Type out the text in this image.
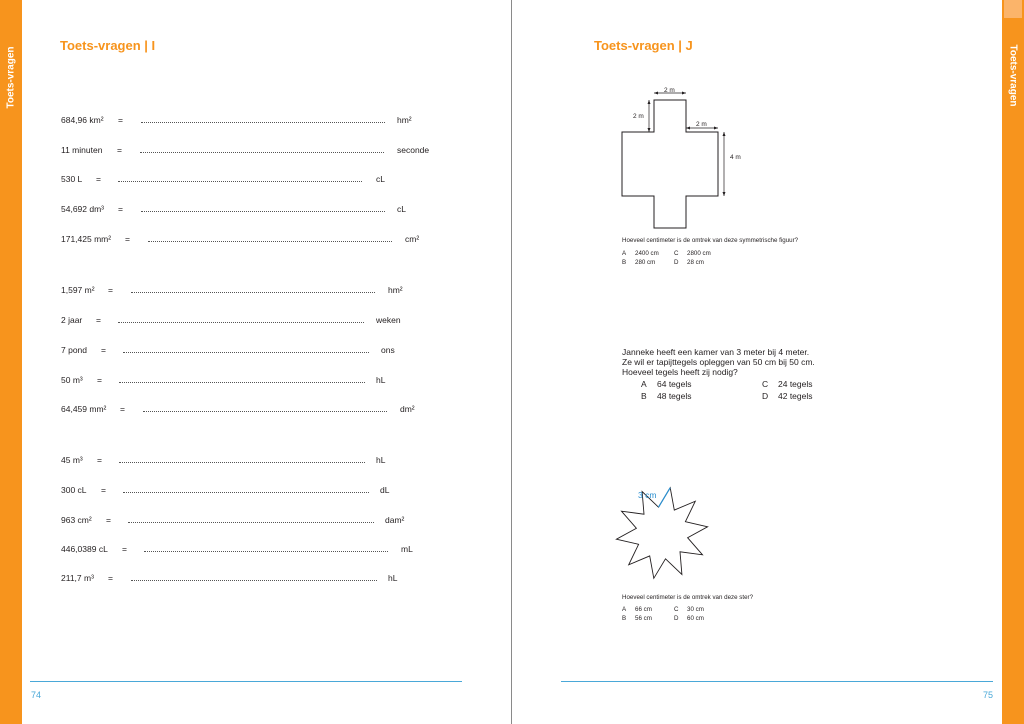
Toets-vragen	Toets-vragen
Toets-vragen | I
684,96 km² =	hm²
11 minuten =	seconde
530 L =	cL
54,692 dm³ =	cL
171,425 mm² =	cm²
1,597 m² =	hm²
2 jaar =	weken
7 pond =	ons
50 m³ =	hL
64,459 mm² =	dm²
45 m³ =	hL
300 cL =	dL
963 cm² =	dam²
446,0389 cL =	mL
211,7 m³ =	hL
74
Toets-vragen | J
2 m
2 m
2 m
4 m
Hoeveel centimeter is de omtrek van deze symmetrische figuur?
A 2400 cm C 2800 cm
B 280 cm	D 28 cm
Janneke heeft een kamer van 3 meter bij 4 meter.
Ze wil er tapijttegels opleggen van 50 cm bij 50 cm.
Hoeveel tegels heeft zij nodig?
A 64 tegels	C 24 tegels
B 48 tegels	D 42 tegels
3 cm
Hoeveel centimeter is de omtrek van deze ster?
A 66 cm	C 30 cm
B 56 cm	D 60 cm
75
